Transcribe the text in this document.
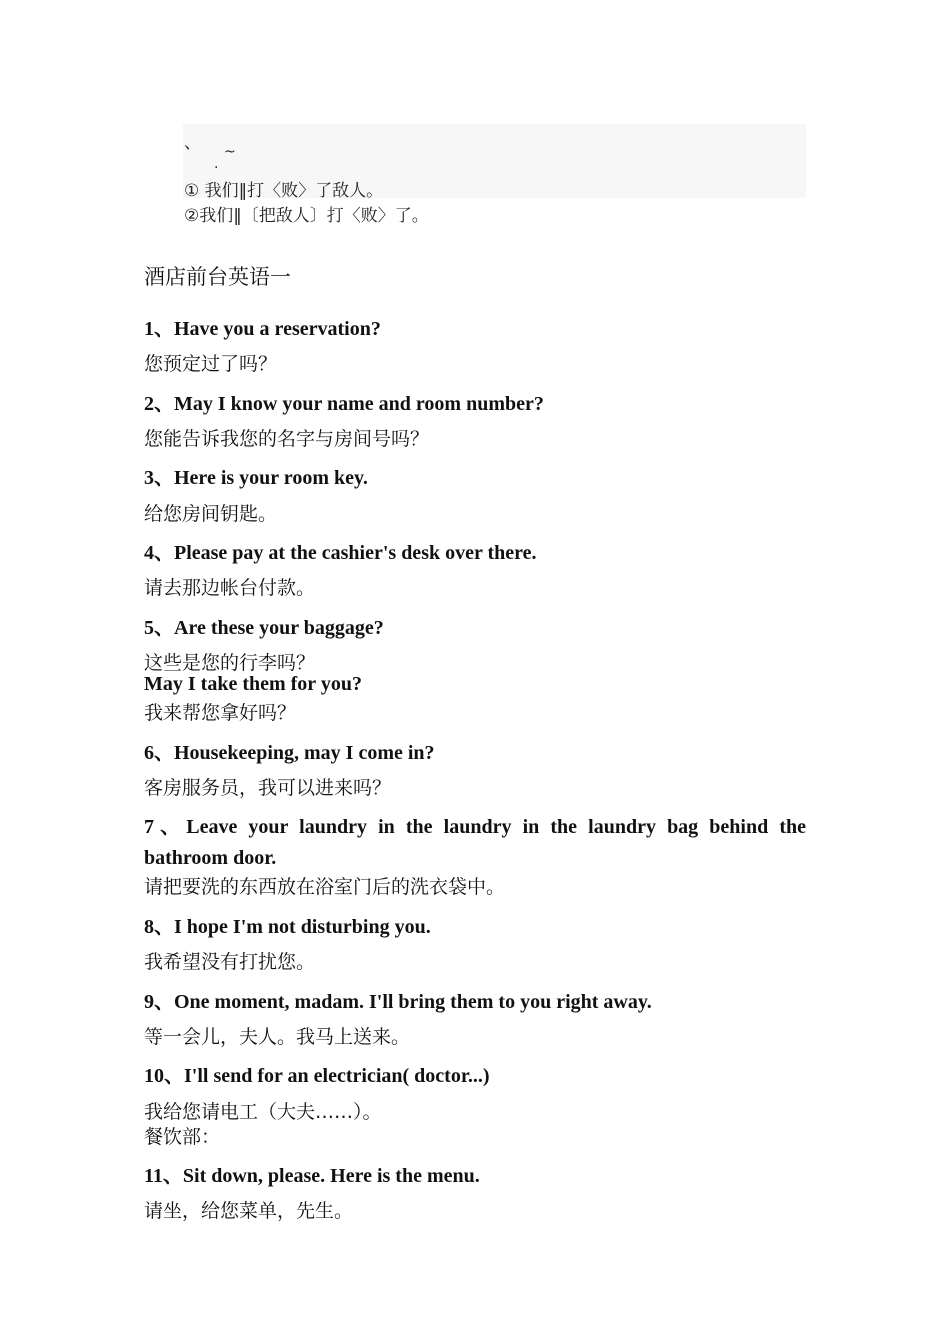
、 ~
.
① 我们‖打〈败〉了敌人。
②我们‖〔把敌人〕打〈败〉了。
酒店前台英语一
1、Have you a reservation?
您预定过了吗？
2、May I know your name and room number?
您能告诉我您的名字与房间号吗？
3、Here is your room key.
给您房间钥匙。
4、Please pay at the cashier's desk over there.
请去那边帐台付款。
5、Are these your baggage?
这些是您的行李吗？
May I take them for you?
我来帮您拿好吗？
6、Housekeeping, may I come in?
客房服务员，我可以进来吗？
7、Leave your laundry in the laundry in the laundry bag behind the
bathroom door.
请把要洗的东西放在浴室门后的洗衣袋中。
8、I hope I'm not disturbing you.
我希望没有打扰您。
9、One moment, madam. I'll bring them to you right away.
等一会儿，夫人。我马上送来。
10、I'll send for an electrician( doctor...)
我给您请电工（大夫……）。
餐饮部：
11、Sit down, please. Here is the menu.
请坐，给您菜单，先生。
